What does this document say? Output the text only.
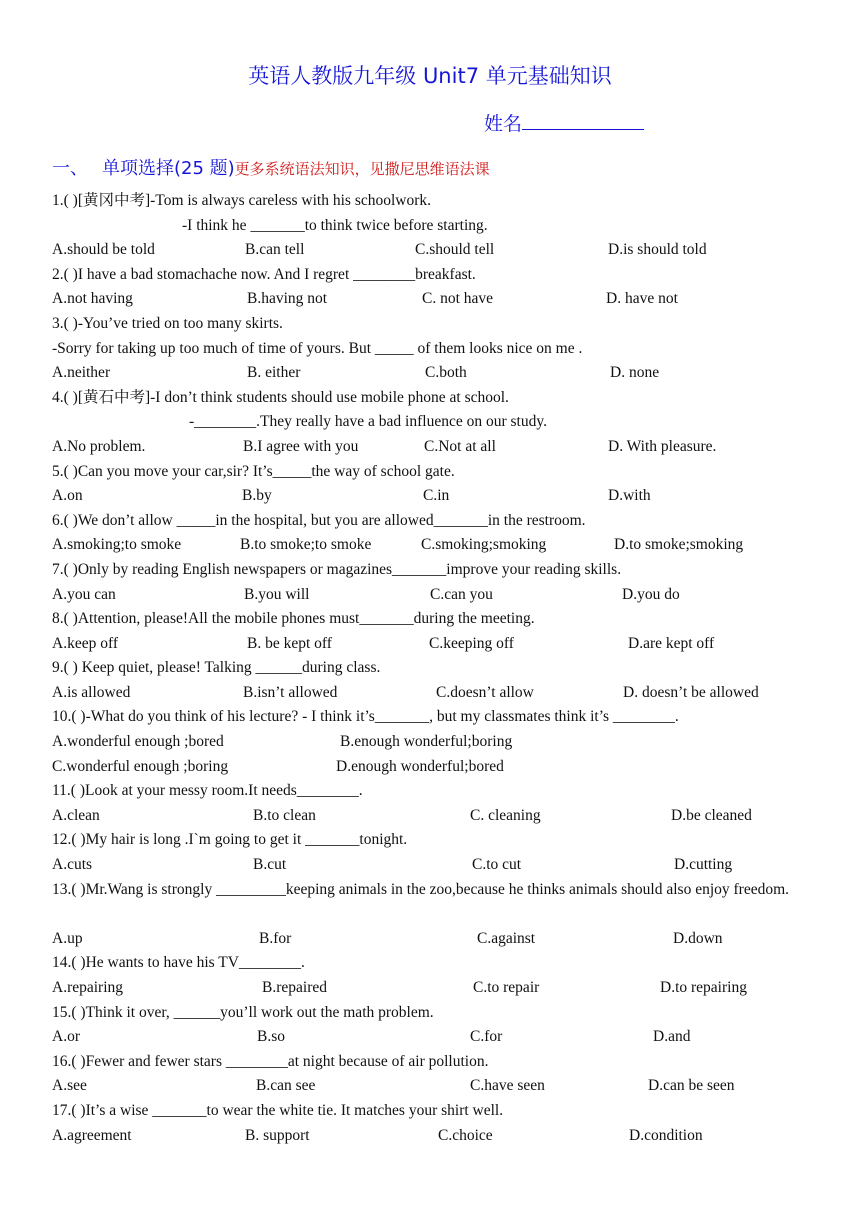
英语人教版九年级 Unit7 单元基础知识
姓名
一、 单项选择(25 题)更多系统语法知识，见撒尼思维语法课
1.( )[黄冈中考]-Tom is always careless with his schoolwork.
-I think he _______to think twice before starting.
A.should be told	B.can tell	C.should tell	D.is should told
2.( )I have a bad stomachache now. And I regret ________breakfast.
A.not having	B.having not	C. not have	D. have not
3.( )-You’ve tried on too many skirts.
-Sorry for taking up too much of time of yours. But _____ of them looks nice on me .
A.neither	B. either	C.both	D. none
4.( )[黄石中考]-I don’t think students should use mobile phone at school.
-________.They really have a bad influence on our study.
A.No problem.	B.I agree with you	C.Not at all	D. With pleasure.
5.( )Can you move your car,sir? It’s_____the way of school gate.
A.on	B.by	C.in	D.with
6.( )We don’t allow _____in the hospital, but you are allowed_______in the restroom.
A.smoking;to smoke	B.to smoke;to smoke	C.smoking;smoking	D.to smoke;smoking
7.( )Only by reading English newspapers or magazines_______improve your reading skills.
A.you can	B.you will	C.can you	D.you do
8.( )Attention, please!All the mobile phones must_______during the meeting.
A.keep off	B. be kept off	C.keeping off	D.are kept off
9.( ) Keep quiet, please! Talking ______during class.
A.is allowed	B.isn’t allowed	C.doesn’t allow	D. doesn’t be allowed
10.( )-What do you think of his lecture? - I think it’s_______, but my classmates think it’s ________.
A.wonderful enough ;bored	B.enough wonderful;boring
C.wonderful enough ;boring	D.enough wonderful;bored
11.( )Look at your messy room.It needs________.
A.clean	B.to clean	C. cleaning	D.be cleaned
12.( )My hair is long .I`m going to get it _______tonight.
A.cuts	B.cut	C.to cut	D.cutting
13.( )Mr.Wang is strongly _________keeping animals in the zoo,because he thinks animals should also enjoy freedom.
A.up	B.for	C.against	D.down
14.( )He wants to have his TV________.
A.repairing	B.repaired	C.to repair	D.to repairing
15.( )Think it over, ______you’ll work out the math problem.
A.or	B.so	C.for	D.and
16.( )Fewer and fewer stars ________at night because of air pollution.
A.see	B.can see	C.have seen	D.can be seen
17.( )It’s a wise _______to wear the white tie. It matches your shirt well.
A.agreement	B. support	C.choice	D.condition
